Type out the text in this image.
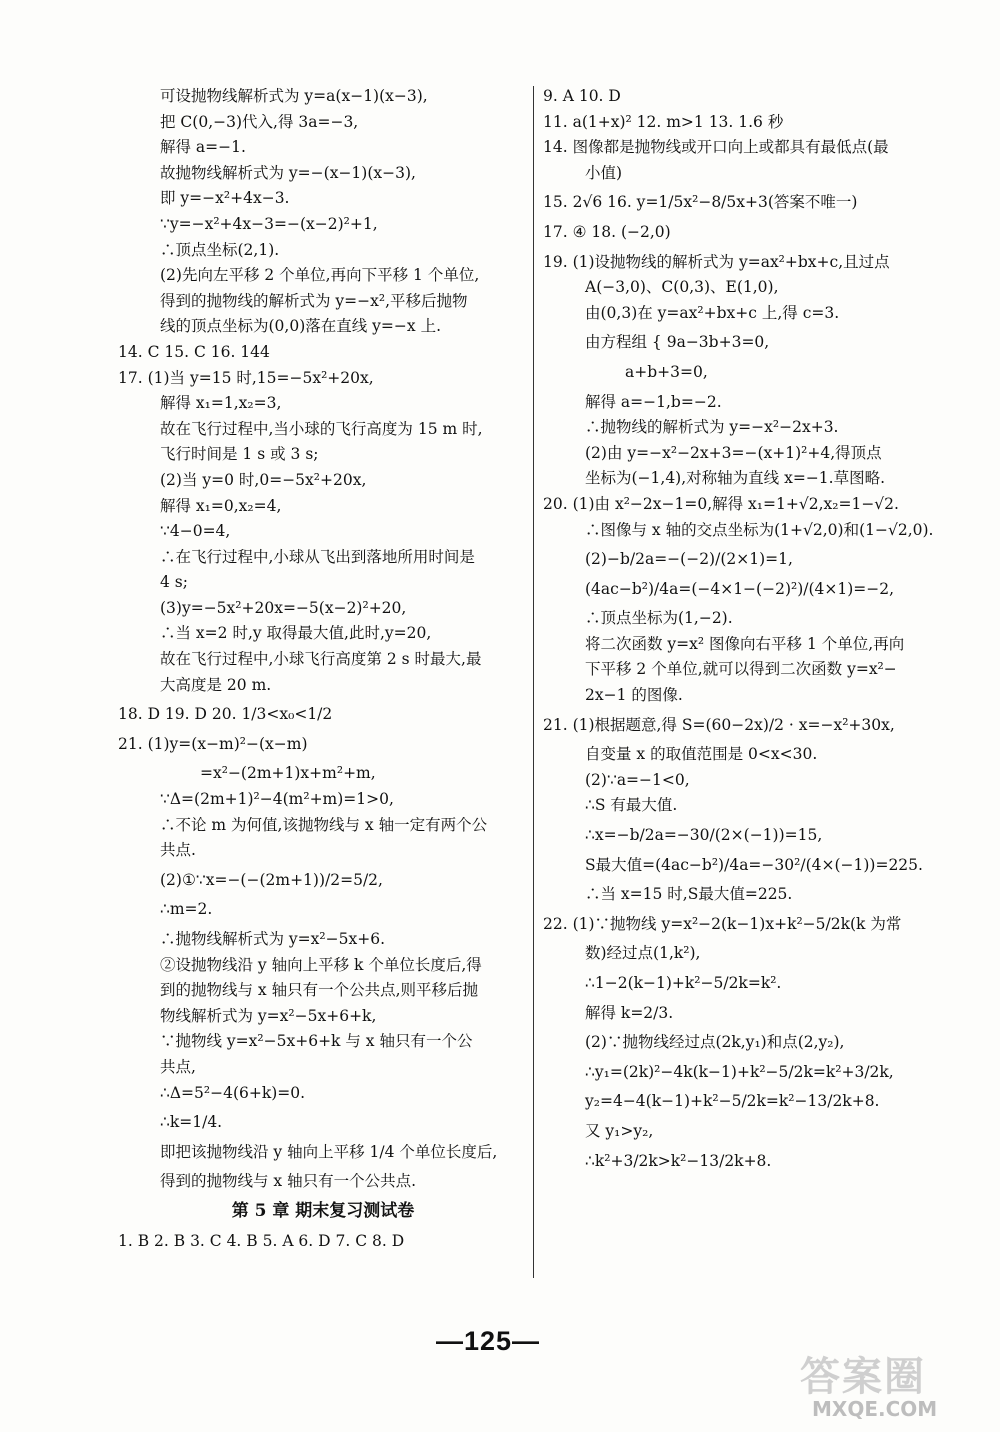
可设抛物线解析式为 y=a(x−1)(x−3),
把 C(0,−3)代入,得 3a=−3,
解得 a=−1.
故抛物线解析式为 y=−(x−1)(x−3),
即 y=−x²+4x−3.
∵y=−x²+4x−3=−(x−2)²+1,
∴顶点坐标(2,1).
(2)先向左平移 2 个单位,再向下平移 1 个单位,
得到的抛物线的解析式为 y=−x²,平移后抛物
线的顶点坐标为(0,0)落在直线 y=−x 上.
14. C 15. C 16. 144
17. (1)当 y=15 时,15=−5x²+20x,
解得 x₁=1,x₂=3,
故在飞行过程中,当小球的飞行高度为 15 m 时,
飞行时间是 1 s 或 3 s;
(2)当 y=0 时,0=−5x²+20x,
解得 x₁=0,x₂=4,
∵4−0=4,
∴在飞行过程中,小球从飞出到落地所用时间是
4 s;
(3)y=−5x²+20x=−5(x−2)²+20,
∴当 x=2 时,y 取得最大值,此时,y=20,
故在飞行过程中,小球飞行高度第 2 s 时最大,最
大高度是 20 m.
18. D 19. D 20. 1/3<x₀<1/2
21. (1)y=(x−m)²−(x−m)
=x²−(2m+1)x+m²+m,
∵Δ=(2m+1)²−4(m²+m)=1>0,
∴不论 m 为何值,该抛物线与 x 轴一定有两个公
共点.
(2)①∵x=−(−(2m+1))/2=5/2,
∴m=2.
∴抛物线解析式为 y=x²−5x+6.
②设抛物线沿 y 轴向上平移 k 个单位长度后,得
到的抛物线与 x 轴只有一个公共点,则平移后抛
物线解析式为 y=x²−5x+6+k,
∵抛物线 y=x²−5x+6+k 与 x 轴只有一个公
共点,
∴Δ=5²−4(6+k)=0.
∴k=1/4.
即把该抛物线沿 y 轴向上平移 1/4 个单位长度后,
得到的抛物线与 x 轴只有一个公共点.
第 5 章 期末复习测试卷
1. B 2. B 3. C 4. B 5. A 6. D 7. C 8. D
9. A 10. D
11. a(1+x)² 12. m>1 13. 1.6 秒
14. 图像都是抛物线或开口向上或都具有最低点(最
小值)
15. 2√6 16. y=1/5x²−8/5x+3(答案不唯一)
17. ④ 18. (−2,0)
19. (1)设抛物线的解析式为 y=ax²+bx+c,且过点
A(−3,0)、C(0,3)、E(1,0),
由(0,3)在 y=ax²+bx+c 上,得 c=3.
由方程组 { 9a−3b+3=0,
a+b+3=0,
解得 a=−1,b=−2.
∴抛物线的解析式为 y=−x²−2x+3.
(2)由 y=−x²−2x+3=−(x+1)²+4,得顶点
坐标为(−1,4),对称轴为直线 x=−1.草图略.
20. (1)由 x²−2x−1=0,解得 x₁=1+√2,x₂=1−√2.
∴图像与 x 轴的交点坐标为(1+√2,0)和(1−√2,0).
(2)−b/2a=−(−2)/(2×1)=1,
(4ac−b²)/4a=(−4×1−(−2)²)/(4×1)=−2,
∴顶点坐标为(1,−2).
将二次函数 y=x² 图像向右平移 1 个单位,再向
下平移 2 个单位,就可以得到二次函数 y=x²−
2x−1 的图像.
21. (1)根据题意,得 S=(60−2x)/2 · x=−x²+30x,
自变量 x 的取值范围是 0<x<30.
(2)∵a=−1<0,
∴S 有最大值.
∴x=−b/2a=−30/(2×(−1))=15,
S最大值=(4ac−b²)/4a=−30²/(4×(−1))=225.
∴当 x=15 时,S最大值=225.
22. (1)∵抛物线 y=x²−2(k−1)x+k²−5/2k(k 为常
数)经过点(1,k²),
∴1−2(k−1)+k²−5/2k=k².
解得 k=2/3.
(2)∵抛物线经过点(2k,y₁)和点(2,y₂),
∴y₁=(2k)²−4k(k−1)+k²−5/2k=k²+3/2k,
y₂=4−4(k−1)+k²−5/2k=k²−13/2k+8.
又 y₁>y₂,
∴k²+3/2k>k²−13/2k+8.
—125—
答案圈
MXQE.COM
